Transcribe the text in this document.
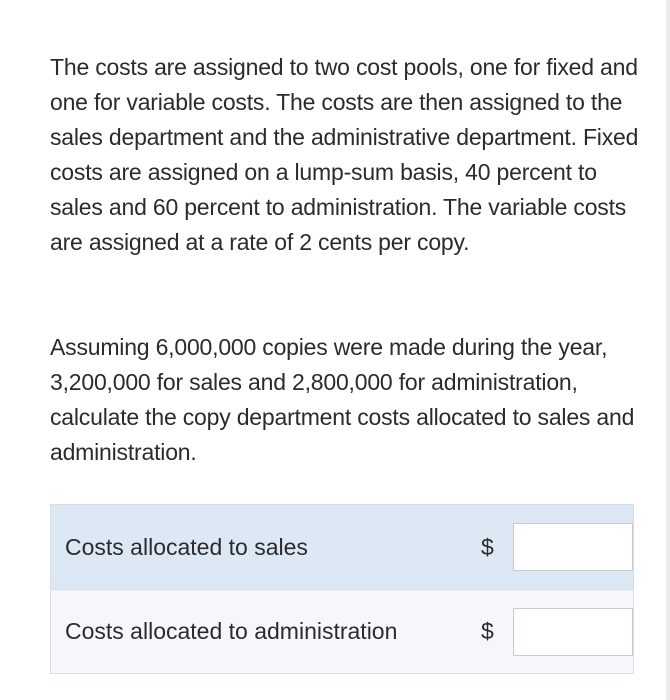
The costs are assigned to two cost pools, one for fixed and one for variable costs. The costs are then assigned to the sales department and the administrative department. Fixed costs are assigned on a lump-sum basis, 40 percent to sales and 60 percent to administration. The variable costs are assigned at a rate of 2 cents per copy.

Assuming 6,000,000 copies were made during the year, 3,200,000 for sales and 2,800,000 for administration, calculate the copy department costs allocated to sales and administration.

Costs allocated to sales	$
Costs allocated to administration	$
